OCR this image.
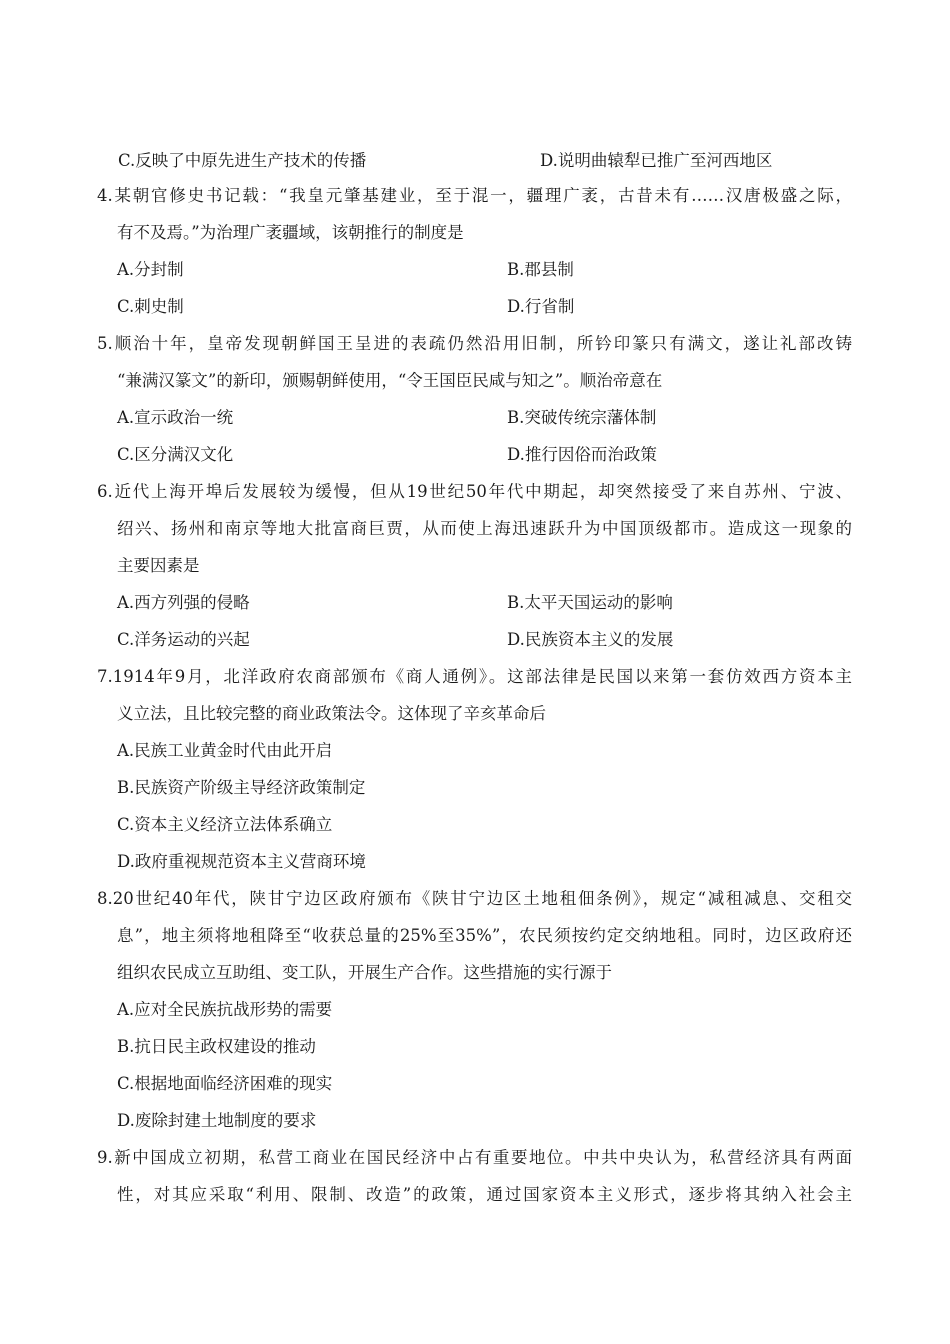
C.反映了中原先进生产技术的传播	D.说明曲辕犁已推广至河西地区
4.某朝官修史书记载：“我皇元肇基建业，至于混一，疆理广袤，古昔未有……汉唐极盛之际，
有不及焉。”为治理广袤疆域，该朝推行的制度是
A.分封制	B.郡县制
C.刺史制	D.行省制
5.顺治十年，皇帝发现朝鲜国王呈进的表疏仍然沿用旧制，所钤印篆只有满文，遂让礼部改铸
“兼满汉篆文”的新印，颁赐朝鲜使用，“令王国臣民咸与知之”。顺治帝意在
A.宣示政治一统	B.突破传统宗藩体制
C.区分满汉文化	D.推行因俗而治政策
6.近代上海开埠后发展较为缓慢，但从19世纪50年代中期起，却突然接受了来自苏州、宁波、
绍兴、扬州和南京等地大批富商巨贾，从而使上海迅速跃升为中国顶级都市。造成这一现象的
主要因素是
A.西方列强的侵略	B.太平天国运动的影响
C.洋务运动的兴起	D.民族资本主义的发展
7.1914年9月，北洋政府农商部颁布《商人通例》。这部法律是民国以来第一套仿效西方资本主
义立法，且比较完整的商业政策法令。这体现了辛亥革命后
A.民族工业黄金时代由此开启
B.民族资产阶级主导经济政策制定
C.资本主义经济立法体系确立
D.政府重视规范资本主义营商环境
8.20世纪40年代，陕甘宁边区政府颁布《陕甘宁边区土地租佃条例》，规定“减租减息、交租交
息”，地主须将地租降至“收获总量的25%至35%”，农民须按约定交纳地租。同时，边区政府还
组织农民成立互助组、变工队，开展生产合作。这些措施的实行源于
A.应对全民族抗战形势的需要
B.抗日民主政权建设的推动
C.根据地面临经济困难的现实
D.废除封建土地制度的要求
9.新中国成立初期，私营工商业在国民经济中占有重要地位。中共中央认为，私营经济具有两面
性，对其应采取“利用、限制、改造”的政策，通过国家资本主义形式，逐步将其纳入社会主
